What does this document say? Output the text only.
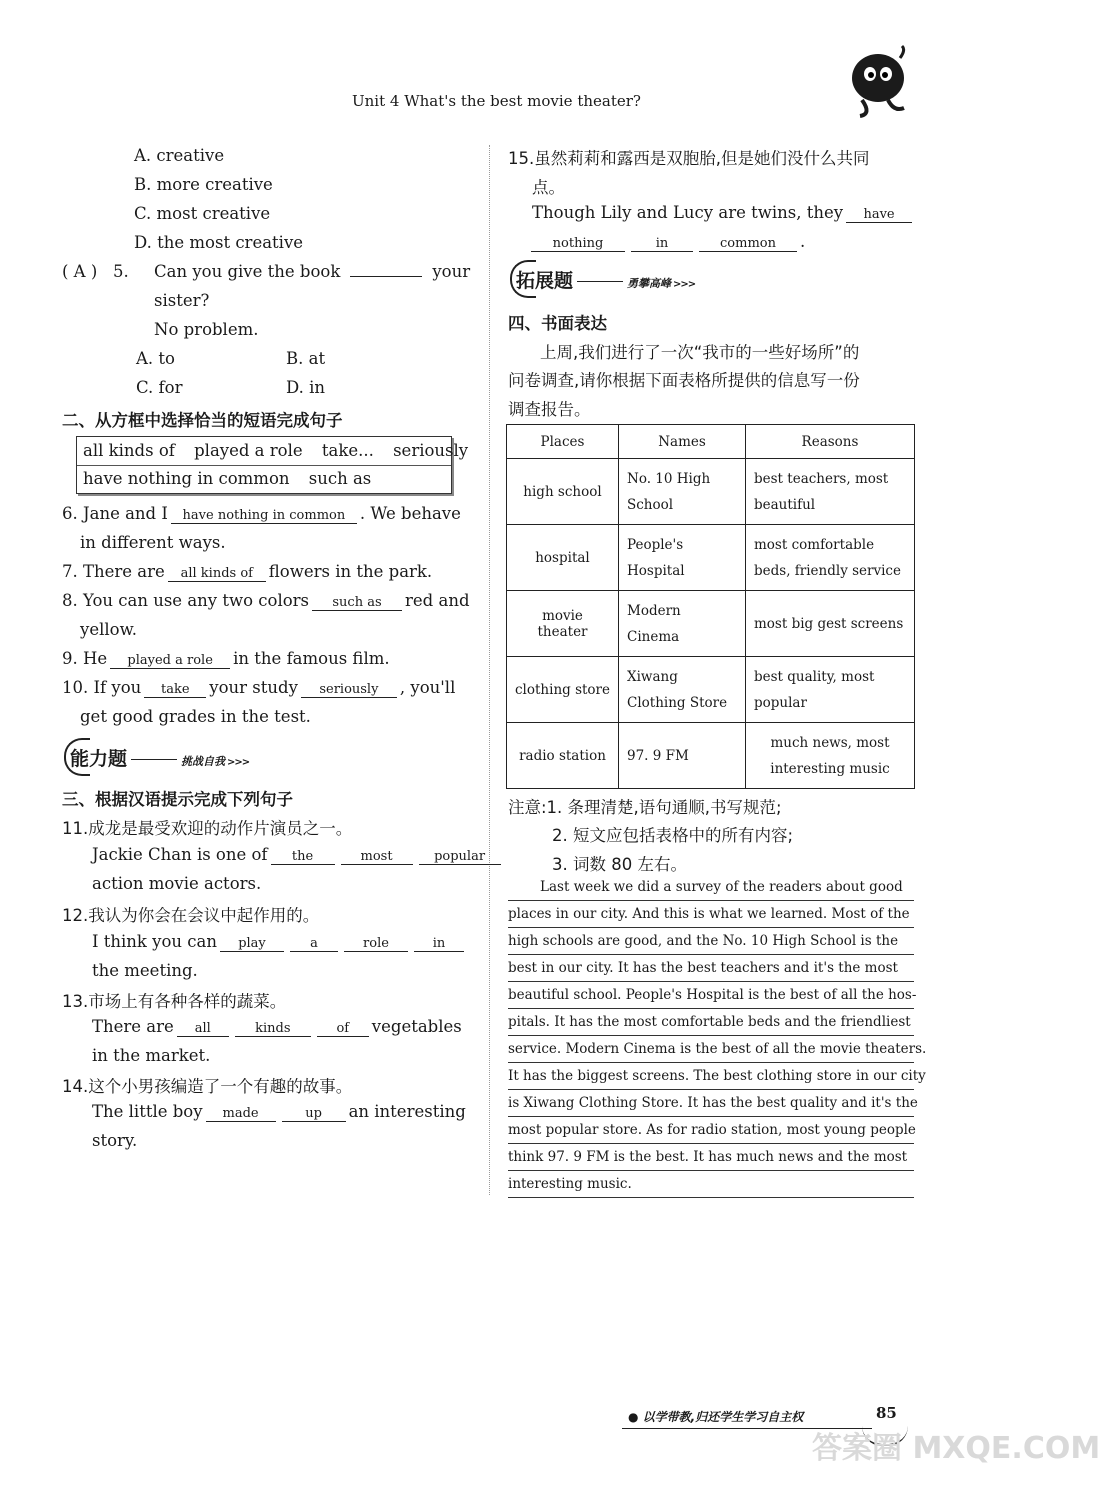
Unit 4 What's the best movie theater?
A. creative
B. more creative
C. most creative
D. the most creative
( A ) 5. Can you give the book	your
sister?
No problem.
A. to	B. at
C. for	D. in
二、从方框中选择恰当的短语完成句子
all kinds of played a role take... seriously
have nothing in common such as
6. Jane and I have nothing in common . We behave
in different ways.
7. There are all kinds of flowers in the park.
8. You can use any two colors such as red and
yellow.
9. He played a role in the famous film.
10. If you take your study seriously , you'll
get good grades in the test.
能力题	挑战自我 >>>
三、根据汉语提示完成下列句子
11.成龙是最受欢迎的动作片演员之一。
Jackie Chan is one of the	most	popular
action movie actors.
12.我认为你会在会议中起作用的。
I think you can play	a	role	in
the meeting.
13.市场上有各种各样的蔬菜。
There are all	kinds	of vegetables
in the market.
14.这个小男孩编造了一个有趣的故事。
The little boy made	up an interesting
story.
15.虽然莉莉和露西是双胞胎,但是她们没什么共同
点。
Though Lily and Lucy are twins, they have
nothing	in	common .
拓展题	勇攀高峰 >>>
四、书面表达
上周,我们进行了一次“我市的一些好场所”的
问卷调查,请你根据下面表格所提供的信息写一份
调查报告。
Places	Names	Reasons
high school	No. 10 High School	best teachers, most beautiful
hospital	People's Hospital	most comfortable beds, friendly service
movie theater	Modern Cinema	most big gest screens
clothing store	Xiwang Clothing Store	best quality, most popular
radio station	97. 9 FM	much news, most interesting music
注意:1. 条理清楚,语句通顺,书写规范;
2. 短文应包括表格中的所有内容;
3. 词数 80 左右。
Last week we did a survey of the readers about good
places in our city. And this is what we learned. Most of the
high schools are good, and the No. 10 High School is the
best in our city. It has the best teachers and it's the most
beautiful school. People's Hospital is the best of all the hos-
pitals. It has the most comfortable beds and the friendliest
service. Modern Cinema is the best of all the movie theaters.
It has the biggest screens. The best clothing store in our city
is Xiwang Clothing Store. It has the best quality and it's the
most popular store. As for radio station, most young people
think 97. 9 FM is the best. It has much news and the most
interesting music.
● 以学带教,归还学生学习自主权	85
答案圈 MXQE.COM
